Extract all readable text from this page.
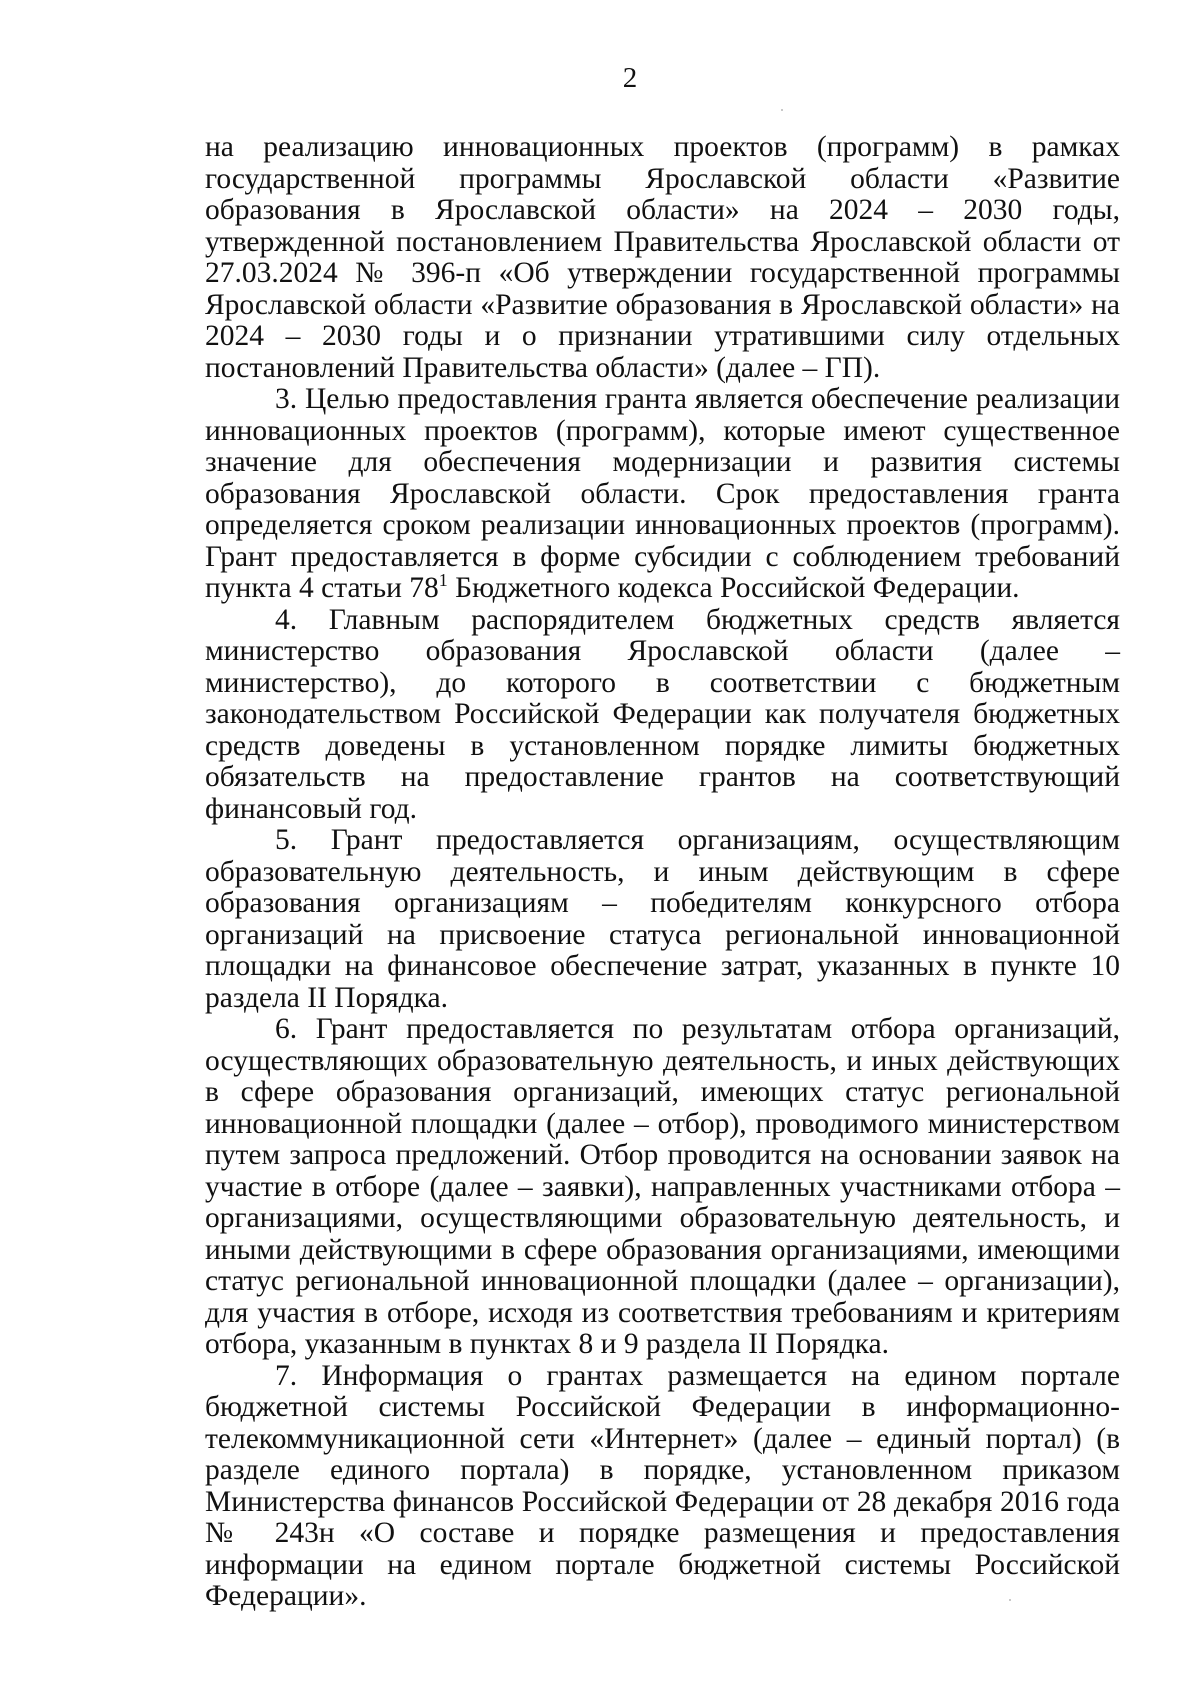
2

на реализацию инновационных проектов (программ) в рамках государственной программы Ярославской области «Развитие образования в Ярославской области» на 2024 – 2030 годы, утвержденной постановлением Правительства Ярославской области от 27.03.2024 № 396-п «Об утверждении государственной программы Ярославской области «Развитие образования в Ярославской области» на 2024 – 2030 годы и о признании утратившими силу отдельных постановлений Правительства области» (далее – ГП).

3. Целью предоставления гранта является обеспечение реализации инновационных проектов (программ), которые имеют существенное значение для обеспечения модернизации и развития системы образования Ярославской области. Срок предоставления гранта определяется сроком реализации инновационных проектов (программ). Грант предоставляется в форме субсидии с соблюдением требований пункта 4 статьи $78^1$ Бюджетного кодекса Российской Федерации.

4. Главным распорядителем бюджетных средств является министерство образования Ярославской области (далее – министерство), до которого в соответствии с бюджетным законодательством Российской Федерации как получателя бюджетных средств доведены в установленном порядке лимиты бюджетных обязательств на предоставление грантов на соответствующий финансовый год.

5. Грант предоставляется организациям, осуществляющим образовательную деятельность, и иным действующим в сфере образования организациям – победителям конкурсного отбора организаций на присвоение статуса региональной инновационной площадки на финансовое обеспечение затрат, указанных в пункте 10 раздела II Порядка.

6. Грант предоставляется по результатам отбора организаций, осуществляющих образовательную деятельность, и иных действующих в сфере образования организаций, имеющих статус региональной инновационной площадки (далее – отбор), проводимого министерством путем запроса предложений. Отбор проводится на основании заявок на участие в отборе (далее – заявки), направленных участниками отбора – организациями, осуществляющими образовательную деятельность, и иными действующими в сфере образования организациями, имеющими статус региональной инновационной площадки (далее – организации), для участия в отборе, исходя из соответствия требованиям и критериям отбора, указанным в пунктах 8 и 9 раздела II Порядка.

7. Информация о грантах размещается на едином портале бюджетной системы Российской Федерации в информационно-телекоммуникационной сети «Интернет» (далее – единый портал) (в разделе единого портала) в порядке, установленном приказом Министерства финансов Российской Федерации от 28 декабря 2016 года № 243н «О составе и порядке размещения и предоставления информации на едином портале бюджетной системы Российской Федерации».
